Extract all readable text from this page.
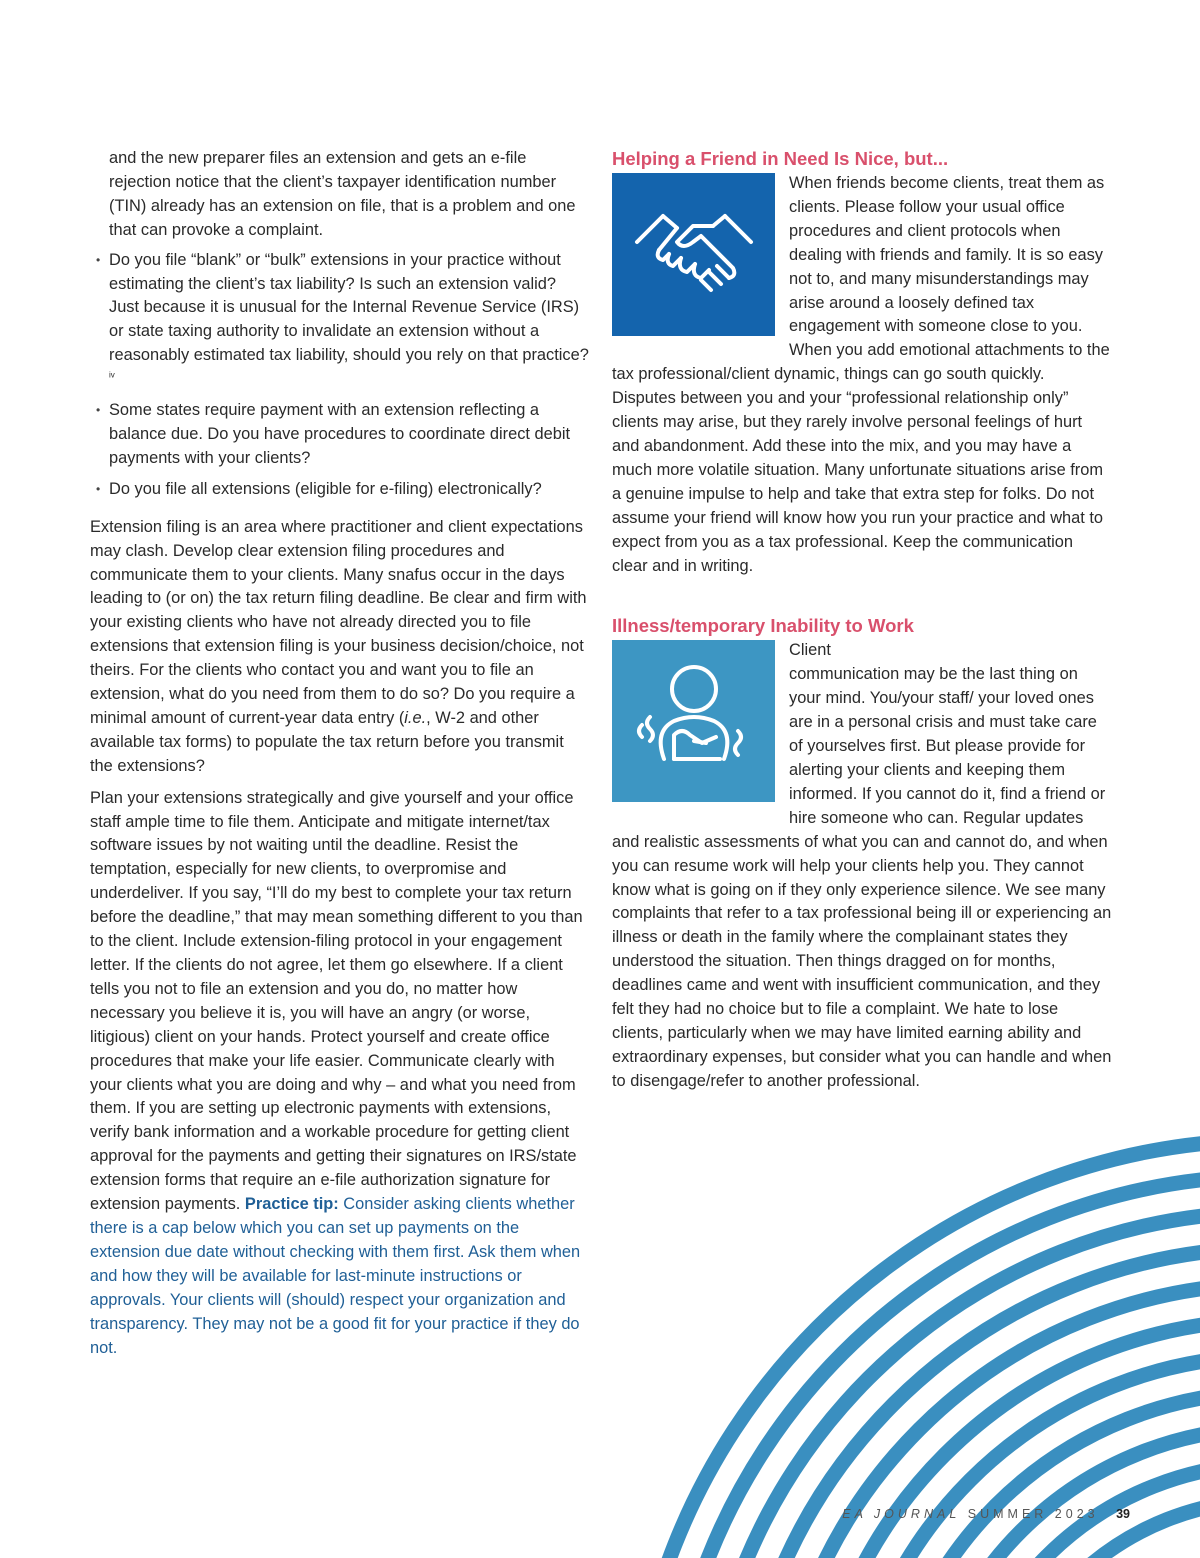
and the new preparer files an extension and gets an e-file rejection notice that the client’s taxpayer identification number (TIN) already has an extension on file, that is a problem and one that can provoke a complaint.

• Do you file “blank” or “bulk” extensions in your practice without estimating the client’s tax liability? Is such an extension valid? Just because it is unusual for the Internal Revenue Service (IRS) or state taxing authority to invalidate an extension without a reasonably estimated tax liability, should you rely on that practice?$^{iv}$
• Some states require payment with an extension reflecting a balance due. Do you have procedures to coordinate direct debit payments with your clients?
• Do you file all extensions (eligible for e-filing) electronically?

Extension filing is an area where practitioner and client expectations may clash. Develop clear extension filing procedures and communicate them to your clients. Many snafus occur in the days leading to (or on) the tax return filing deadline. Be clear and firm with your existing clients who have not already directed you to file extensions that extension filing is your business decision/choice, not theirs. For the clients who contact you and want you to file an extension, what do you need from them to do so? Do you require a minimal amount of current-year data entry (i.e., W-2 and other available tax forms) to populate the tax return before you transmit the extensions?

Plan your extensions strategically and give yourself and your office staff ample time to file them. Anticipate and mitigate internet/tax software issues by not waiting until the deadline. Resist the temptation, especially for new clients, to overpromise and underdeliver. If you say, “I’ll do my best to complete your tax return before the deadline,” that may mean something different to you than to the client. Include extension-filing protocol in your engagement letter. If the clients do not agree, let them go elsewhere. If a client tells you not to file an extension and you do, no matter how necessary you believe it is, you will have an angry (or worse, litigious) client on your hands. Protect yourself and create office procedures that make your life easier. Communicate clearly with your clients what you are doing and why – and what you need from them. If you are setting up electronic payments with extensions, verify bank information and a workable procedure for getting client approval for the payments and getting their signatures on IRS/state extension forms that require an e-file authorization signature for extension payments. Practice tip: Consider asking clients whether there is a cap below which you can set up payments on the extension due date without checking with them first. Ask them when and how they will be available for last-minute instructions or approvals. Your clients will (should) respect your organization and transparency. They may not be a good fit for your practice if they do not.

Helping a Friend in Need Is Nice, but...

When friends become clients, treat them as clients. Please follow your usual office procedures and client protocols when dealing with friends and family. It is so easy not to, and many misunderstandings may arise around a loosely defined tax engagement with someone close to you. When you add emotional attachments to the tax professional/client dynamic, things can go south quickly. Disputes between you and your “professional relationship only” clients may arise, but they rarely involve personal feelings of hurt and abandonment. Add these into the mix, and you may have a much more volatile situation. Many unfortunate situations arise from a genuine impulse to help and take that extra step for folks. Do not assume your friend will know how you run your practice and what to expect from you as a tax professional. Keep the communication clear and in writing.

Illness/temporary Inability to Work

Client communication may be the last thing on your mind. You/your staff/ your loved ones are in a personal crisis and must take care of yourselves first. But please provide for alerting your clients and keeping them informed. If you cannot do it, find a friend or hire someone who can. Regular updates and realistic assessments of what you can and cannot do, and when you can resume work will help your clients help you. They cannot know what is going on if they only experience silence. We see many complaints that refer to a tax professional being ill or experiencing an illness or death in the family where the complainant states they understood the situation. Then things dragged on for months, deadlines came and went with insufficient communication, and they felt they had no choice but to file a complaint. We hate to lose clients, particularly when we may have limited earning ability and extraordinary expenses, but consider what you can handle and when to disengage/refer to another professional.

EA JOURNAL SUMMER 2023 39
